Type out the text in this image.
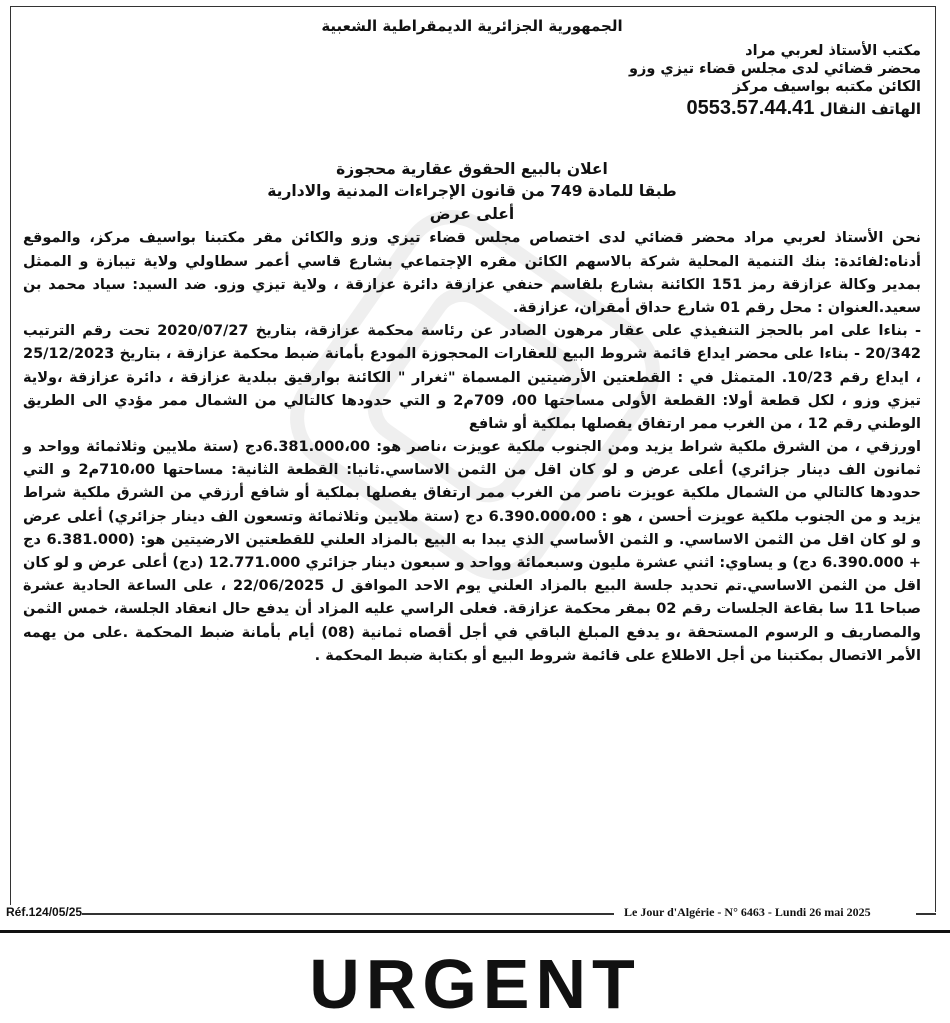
الجمهورية الجزائرية الديمقراطية الشعبية
مكتب الأستاذ لعربي مراد
محضر قضائي لدى مجلس قضاء تيزي وزو
الكائن مكتبه بواسيف مركز
الهاتف النقال 0553.57.44.41
اعلان بالبيع الحقوق عقارية محجوزة
طبقا للمادة 749 من قانون الإجراءات المدنية والادارية
أعلى عرض

نحن الأستاذ لعربي مراد محضر قضائي لدى اختصاص مجلس قضاء تيزي وزو والكائن مقر مكتبنا بواسيف مركز، والموقع أدناه:لفائدة: بنك التنمية المحلية شركة بالاسهم الكائن مقره الإجتماعي بشارع قاسي أعمر سطاولي ولاية تيبازة و الممثل بمدير وكالة عزازقة رمز 151 الكائنة بشارع بلقاسم حنفي عزازقة دائرة عزازقة ، ولاية تيزي وزو. ضد السيد: سياد محمد بن سعيد.العنوان : محل رقم 01 شارع حداق أمقران، عزازقة.

- بناءا على امر بالحجز التنفيذي على عقار مرهون الصادر عن رئاسة محكمة عزازقة، بتاريخ 2020/07/27 تحت رقم الترتيب 20/342 - بناءا على محضر ايداع قائمة شروط البيع للعقارات المحجوزة المودع بأمانة ضبط محكمة عزازقة ، بتاريخ 25/12/2023 ، ايداع رقم 10/23. المتمثل في : القطعتين الأرضيتين المسماة "ثغرار " الكائنة بوارقيق ببلدية عزازقة ، دائرة عزازقة ،ولاية تيزي وزو ، لكل قطعة أولا: القطعة الأولى مساحتها 00، 709م2 و التي حدودها كالتالي من الشمال ممر مؤدي الى الطريق الوطني رقم 12 ، من الغرب ممر ارتفاق يفصلها بملكية أو شافع

اورزقي ، من الشرق ملكية شراط يزيد ومن الجنوب ملكية عويزت ،ناصر هو: 6.381.000،00دج (ستة ملايين وثلاثمائة وواحد و ثمانون الف دينار جزائري) أعلى عرض و لو كان اقل من الثمن الاساسي.ثانيا: القطعة الثانية: مساحتها 710،00م2 و التي حدودها كالتالي من الشمال ملكية عويزت ناصر من الغرب ممر ارتفاق يفصلها بملكية أو شافع أرزقي من الشرق ملكية شراط يزيد و من الجنوب ملكية عويزت أحسن ، هو : 6.390.000،00 دج (ستة ملايين وثلاثمائة وتسعون الف دينار جزائري) أعلى عرض و لو كان اقل من الثمن الاساسي. و الثمن الأساسي الذي يبدا به البيع بالمزاد العلني للقطعتين الارضيتين هو: (6.381.000 دج + 6.390.000 دج) و يساوي: اثني عشرة مليون وسبعمائة وواحد و سبعون دينار جزائري 12.771.000 (دج) أعلى عرض و لو كان اقل من الثمن الاساسي.تم تحديد جلسة البيع بالمزاد العلني يوم الاحد الموافق ل 22/06/2025 ، على الساعة الحادية عشرة صباحا 11 سا بقاعة الجلسات رقم 02 بمقر محكمة عزازقة. فعلى الراسي عليه المزاد أن يدفع حال انعقاد الجلسة، خمس الثمن والمصاريف و الرسوم المستحقة ،و يدفع المبلغ الباقي في أجل أقصاه ثمانية (08) أيام بأمانة ضبط المحكمة .على من يهمه الأمر الاتصال بمكتبنا من أجل الاطلاع على قائمة شروط البيع أو بكتابة ضبط المحكمة .

Réf.124/05/25	Le Jour d'Algérie - N° 6463 - Lundi 26 mai 2025
URGENT
